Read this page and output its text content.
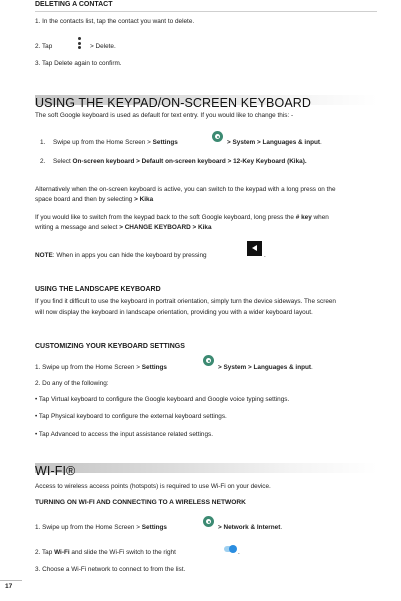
DELETING A CONTACT
1. In the contacts list, tap the contact you want to delete.
2. Tap	> Delete.
3. Tap Delete again to confirm.
USING THE KEYPAD/ON-SCREEN KEYBOARD
The soft Google keyboard is used as default for text entry. If you would like to change this: -
1. Swipe up from the Home Screen > Settings	> System > Languages & input.
2. Select On-screen keyboard > Default on-screen keyboard > 12-Key Keyboard (Kika).
Alternatively when the on-screen keyboard is active, you can switch to the keypad with a long press on the
space board and then by selecting > Kika
If you would like to switch from the keypad back to the soft Google keyboard, long press the # key when
writing a message and select > CHANGE KEYBOARD > Kika
NOTE: When in apps you can hide the keyboard by pressing	.
USING THE LANDSCAPE KEYBOARD
If you find it difficult to use the keyboard in portrait orientation, simply turn the device sideways. The screen
will now display the keyboard in landscape orientation, providing you with a wider keyboard layout.
CUSTOMIZING YOUR KEYBOARD SETTINGS
1. Swipe up from the Home Screen > Settings	> System > Languages & input.
2. Do any of the following:
• Tap Virtual keyboard to configure the Google keyboard and Google voice typing settings.
• Tap Physical keyboard to configure the external keyboard settings.
• Tap Advanced to access the input assistance related settings.
WI-FI®
Access to wireless access points (hotspots) is required to use Wi-Fi on your device.
TURNING ON WI-FI AND CONNECTING TO A WIRELESS NETWORK
1. Swipe up from the Home Screen > Settings	> Network & Internet.
2. Tap Wi-Fi and slide the Wi-Fi switch to the right	.
3. Choose a Wi-Fi network to connect to from the list.
17
